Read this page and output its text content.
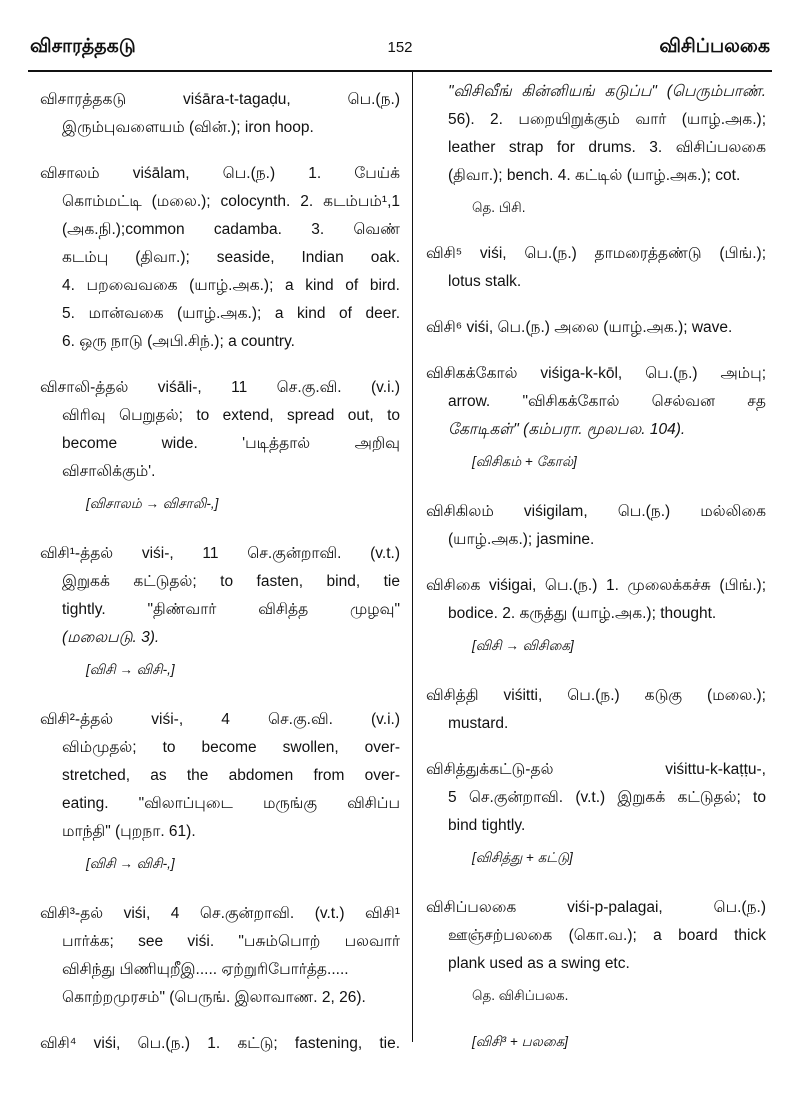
விசாரத்தகடு	152	விசிப்பலகை
விசாரத்தகடு viśāra-t-tagaḍu, பெ.(ந.)
இரும்புவளையம் (வின்.); iron hoop.
விசாலம் viśālam, பெ.(ந.) 1. பேய்க்
கொம்மட்டி (மலை.); colocynth. 2. கடம்பம்¹,1
(அக.நி.);common cadamba. 3. வெண்
கடம்பு (திவா.); seaside, Indian oak.
4. பறவைவகை (யாழ்.அக.); a kind of bird.
5. மான்வகை (யாழ்.அக.); a kind of deer.
6. ஒரு நாடு (அபி.சிந்.); a country.
விசாலி-த்தல் viśāli-, 11 செ.கு.வி. (v.i.)
விரிவு பெறுதல்; to extend, spread out, to
become wide. 'படித்தால் அறிவு
விசாலிக்கும்'.
[விசாலம் → விசாலி-,]
விசி¹-த்தல் viśi-, 11 செ.குன்றாவி. (v.t.)
இறுகக் கட்டுதல்; to fasten, bind, tie
tightly. "திண்வார் விசித்த முழவு"
(மலைபடு. 3).
[விசி → விசி-,]
விசி²-த்தல் viśi-, 4 செ.கு.வி. (v.i.)
விம்முதல்; to become swollen, over-
stretched, as the abdomen from over-
eating. "விலாப்புடை மருங்கு விசிப்ப
மாந்தி" (புறநா. 61).
[விசி → விசி-,]
விசி³-தல் viśi, 4 செ.குன்றாவி. (v.t.) விசி¹
பார்க்க; see viśi. "பசும்பொற் பலவார்
விசிந்து பிணியுறீஇ..... ஏற்றுரிபோர்த்த.....
கொற்றமுரசம்" (பெருங். இலாவாண. 2, 26).
விசி⁴ viśi, பெ.(ந.) 1. கட்டு; fastening, tie.
"விசிவீங் கின்னியங் கடுப்ப" (பெரும்பாண்.
56). 2. பறையிறுக்கும் வார் (யாழ்.அக.);
leather strap for drums. 3. விசிப்பலகை
(திவா.); bench. 4. கட்டில் (யாழ்.அக.); cot.
தெ. பிசி.
விசி⁵ viśi, பெ.(ந.) தாமரைத்தண்டு (பிங்.);
lotus stalk.
விசி⁶ viśi, பெ.(ந.) அலை (யாழ்.அக.); wave.
விசிகக்கோல் viśiga-k-kōl, பெ.(ந.) அம்பு;
arrow. "விசிகக்கோல் செல்வன சத
கோடிகள்" (கம்பரா. மூலபல. 104).
[விசிகம் + கோல்]
விசிகிலம் viśigilam, பெ.(ந.) மல்லிகை
(யாழ்.அக.); jasmine.
விசிகை viśigai, பெ.(ந.) 1. முலைக்கச்சு (பிங்.);
bodice. 2. கருத்து (யாழ்.அக.); thought.
[விசி → விசிகை]
விசித்தி viśitti, பெ.(ந.) கடுகு (மலை.);
mustard.
விசித்துக்கட்டு-தல் viśittu-k-kaṭṭu-,
5 செ.குன்றாவி. (v.t.) இறுகக் கட்டுதல்; to
bind tightly.
[விசித்து + கட்டு]
விசிப்பலகை viśi-p-palagai, பெ.(ந.)
ஊஞ்சற்பலகை (கொ.வ.); a board thick
plank used as a swing etc.
தெ. விசிப்பலக.
[விசி³ + பலகை]
